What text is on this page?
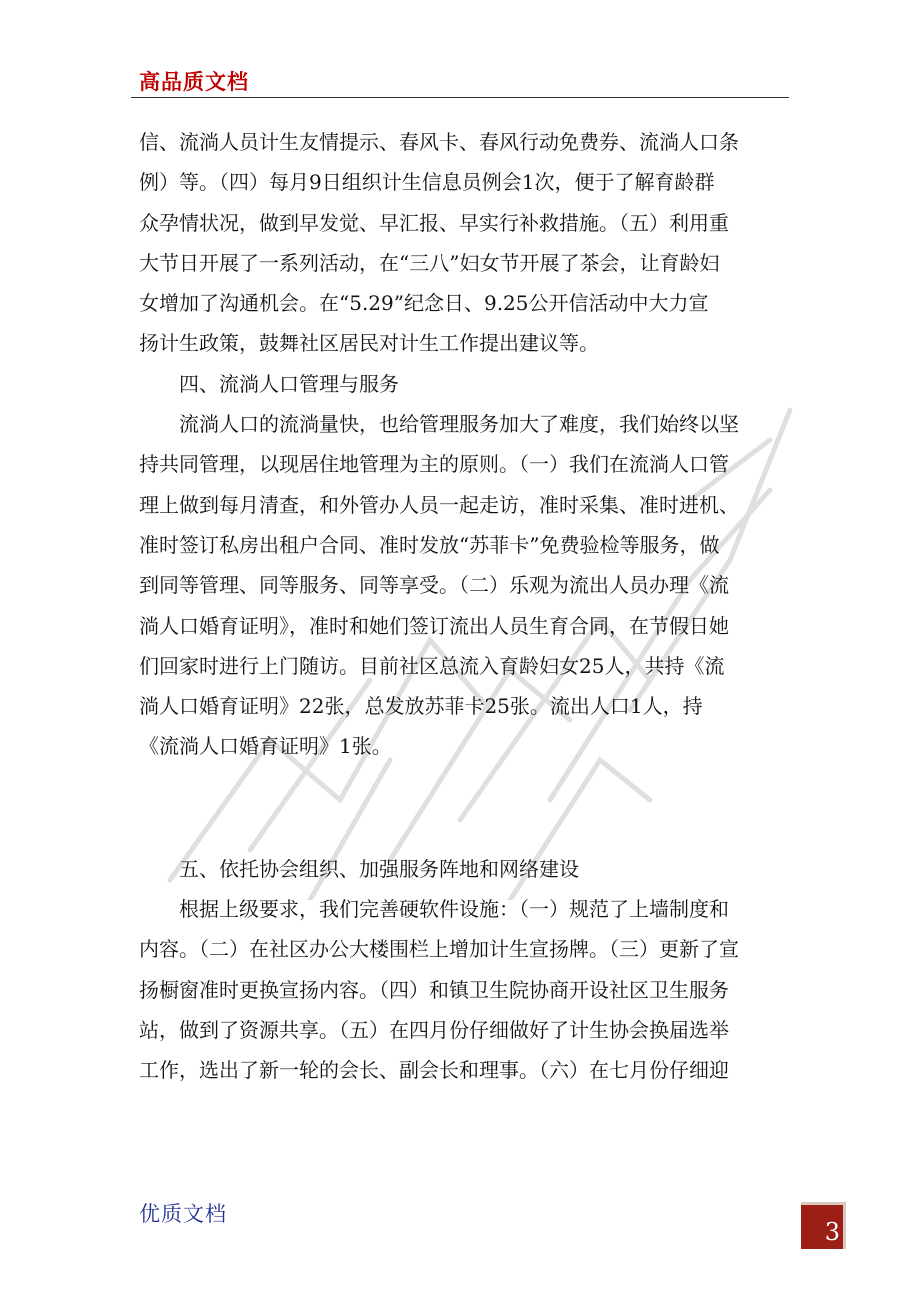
高品质文档

信、流淌人员计生友情提示、春风卡、春风行动免费券、流淌人口条

例）等。（四）每月9日组织计生信息员例会1次，便于了解育龄群

众孕情状况，做到早发觉、早汇报、早实行补救措施。（五）利用重

大节日开展了一系列活动，在“三八”妇女节开展了茶会，让育龄妇

女增加了沟通机会。在“5.29”纪念日、9.25公开信活动中大力宣

扬计生政策，鼓舞社区居民对计生工作提出建议等。

四、流淌人口管理与服务

流淌人口的流淌量快，也给管理服务加大了难度，我们始终以坚

持共同管理，以现居住地管理为主的原则。（一）我们在流淌人口管

理上做到每月清查，和外管办人员一起走访，准时采集、准时进机、

准时签订私房出租户合同、准时发放“苏菲卡”免费验检等服务，做

到同等管理、同等服务、同等享受。（二）乐观为流出人员办理《流

淌人口婚育证明》，准时和她们签订流出人员生育合同，在节假日她

们回家时进行上门随访。目前社区总流入育龄妇女25人，共持《流

淌人口婚育证明》22张，总发放苏菲卡25张。流出人口1人，持

《流淌人口婚育证明》1张。

五、依托协会组织、加强服务阵地和网络建设

根据上级要求，我们完善硬软件设施：（一）规范了上墙制度和

内容。（二）在社区办公大楼围栏上增加计生宣扬牌。（三）更新了宣

扬橱窗准时更换宣扬内容。（四）和镇卫生院协商开设社区卫生服务

站，做到了资源共享。（五）在四月份仔细做好了计生协会换届选举

工作，选出了新一轮的会长、副会长和理事。（六）在七月份仔细迎

优质文档
3
